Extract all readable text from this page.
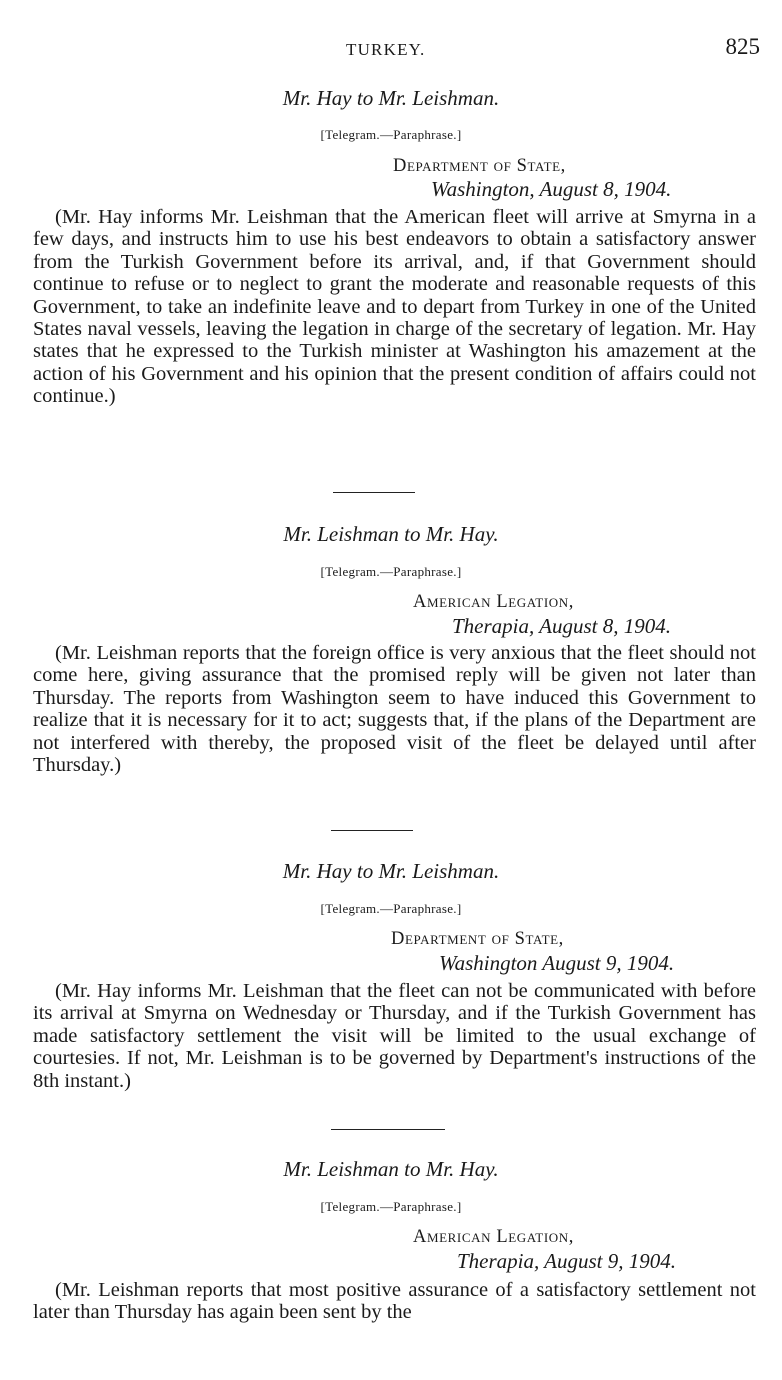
TURKEY.	825
Mr. Hay to Mr. Leishman.
[Telegram.—Paraphrase.]
Department of State,
Washington, August 8, 1904.

(Mr. Hay informs Mr. Leishman that the American fleet will arrive at Smyrna in a few days, and instructs him to use his best endeavors to obtain a satisfactory answer from the Turkish Government before its arrival, and, if that Government should continue to refuse or to neglect to grant the moderate and reasonable requests of this Government, to take an indefinite leave and to depart from Turkey in one of the United States naval vessels, leaving the legation in charge of the secretary of legation. Mr. Hay states that he expressed to the Turkish minister at Washington his amazement at the action of his Government and his opinion that the present condition of affairs could not continue.)

Mr. Leishman to Mr. Hay.
[Telegram.—Paraphrase.]
American Legation,
Therapia, August 8, 1904.

(Mr. Leishman reports that the foreign office is very anxious that the fleet should not come here, giving assurance that the promised reply will be given not later than Thursday. The reports from Washington seem to have induced this Government to realize that it is necessary for it to act; suggests that, if the plans of the Department are not interfered with thereby, the proposed visit of the fleet be delayed until after Thursday.)

Mr. Hay to Mr. Leishman.
[Telegram.—Paraphrase.]
Department of State,
Washington August 9, 1904.

(Mr. Hay informs Mr. Leishman that the fleet can not be communicated with before its arrival at Smyrna on Wednesday or Thursday, and if the Turkish Government has made satisfactory settlement the visit will be limited to the usual exchange of courtesies. If not, Mr. Leishman is to be governed by Department's instructions of the 8th instant.)

Mr. Leishman to Mr. Hay.
[Telegram.—Paraphrase.]
American Legation,
Therapia, August 9, 1904.

(Mr. Leishman reports that most positive assurance of a satisfactory settlement not later than Thursday has again been sent by the
